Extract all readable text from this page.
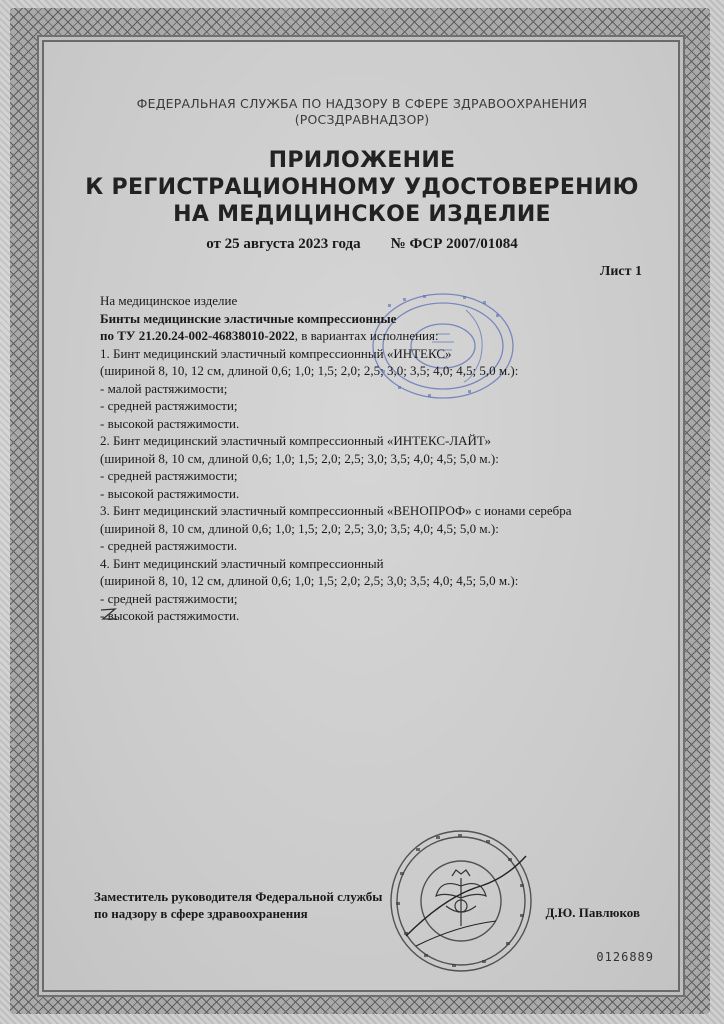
ФЕДЕРАЛЬНАЯ СЛУЖБА ПО НАДЗОРУ В СФЕРЕ ЗДРАВООХРАНЕНИЯ
(РОСЗДРАВНАДЗОР)
ПРИЛОЖЕНИЕ
К РЕГИСТРАЦИОННОМУ УДОСТОВЕРЕНИЮ
НА МЕДИЦИНСКОЕ ИЗДЕЛИЕ
от 25 августа 2023 года № ФСР 2007/01084
Лист 1
На медицинское изделие
Бинты медицинские эластичные компрессионные
по ТУ 21.20.24-002-46838010-2022, в вариантах исполнения:
1. Бинт медицинский эластичный компрессионный «ИНТЕКС»
(шириной 8, 10, 12 см, длиной 0,6; 1,0; 1,5; 2,0; 2,5; 3,0; 3,5; 4,0; 4,5; 5,0 м.):
- малой растяжимости;
- средней растяжимости;
- высокой растяжимости.
2. Бинт медицинский эластичный компрессионный «ИНТЕКС-ЛАЙТ»
(шириной 8, 10 см, длиной 0,6; 1,0; 1,5; 2,0; 2,5; 3,0; 3,5; 4,0; 4,5; 5,0 м.):
- средней растяжимости;
- высокой растяжимости.
3. Бинт медицинский эластичный компрессионный «ВЕНОПРОФ» с ионами серебра
(шириной 8, 10 см, длиной 0,6; 1,0; 1,5; 2,0; 2,5; 3,0; 3,5; 4,0; 4,5; 5,0 м.):
- средней растяжимости.
4. Бинт медицинский эластичный компрессионный
(шириной 8, 10, 12 см, длиной 0,6; 1,0; 1,5; 2,0; 2,5; 3,0; 3,5; 4,0; 4,5; 5,0 м.):
- средней растяжимости;
- высокой растяжимости.
Заместитель руководителя Федеральной службы
по надзору в сфере здравоохранения	Д.Ю. Павлюков
0126889
